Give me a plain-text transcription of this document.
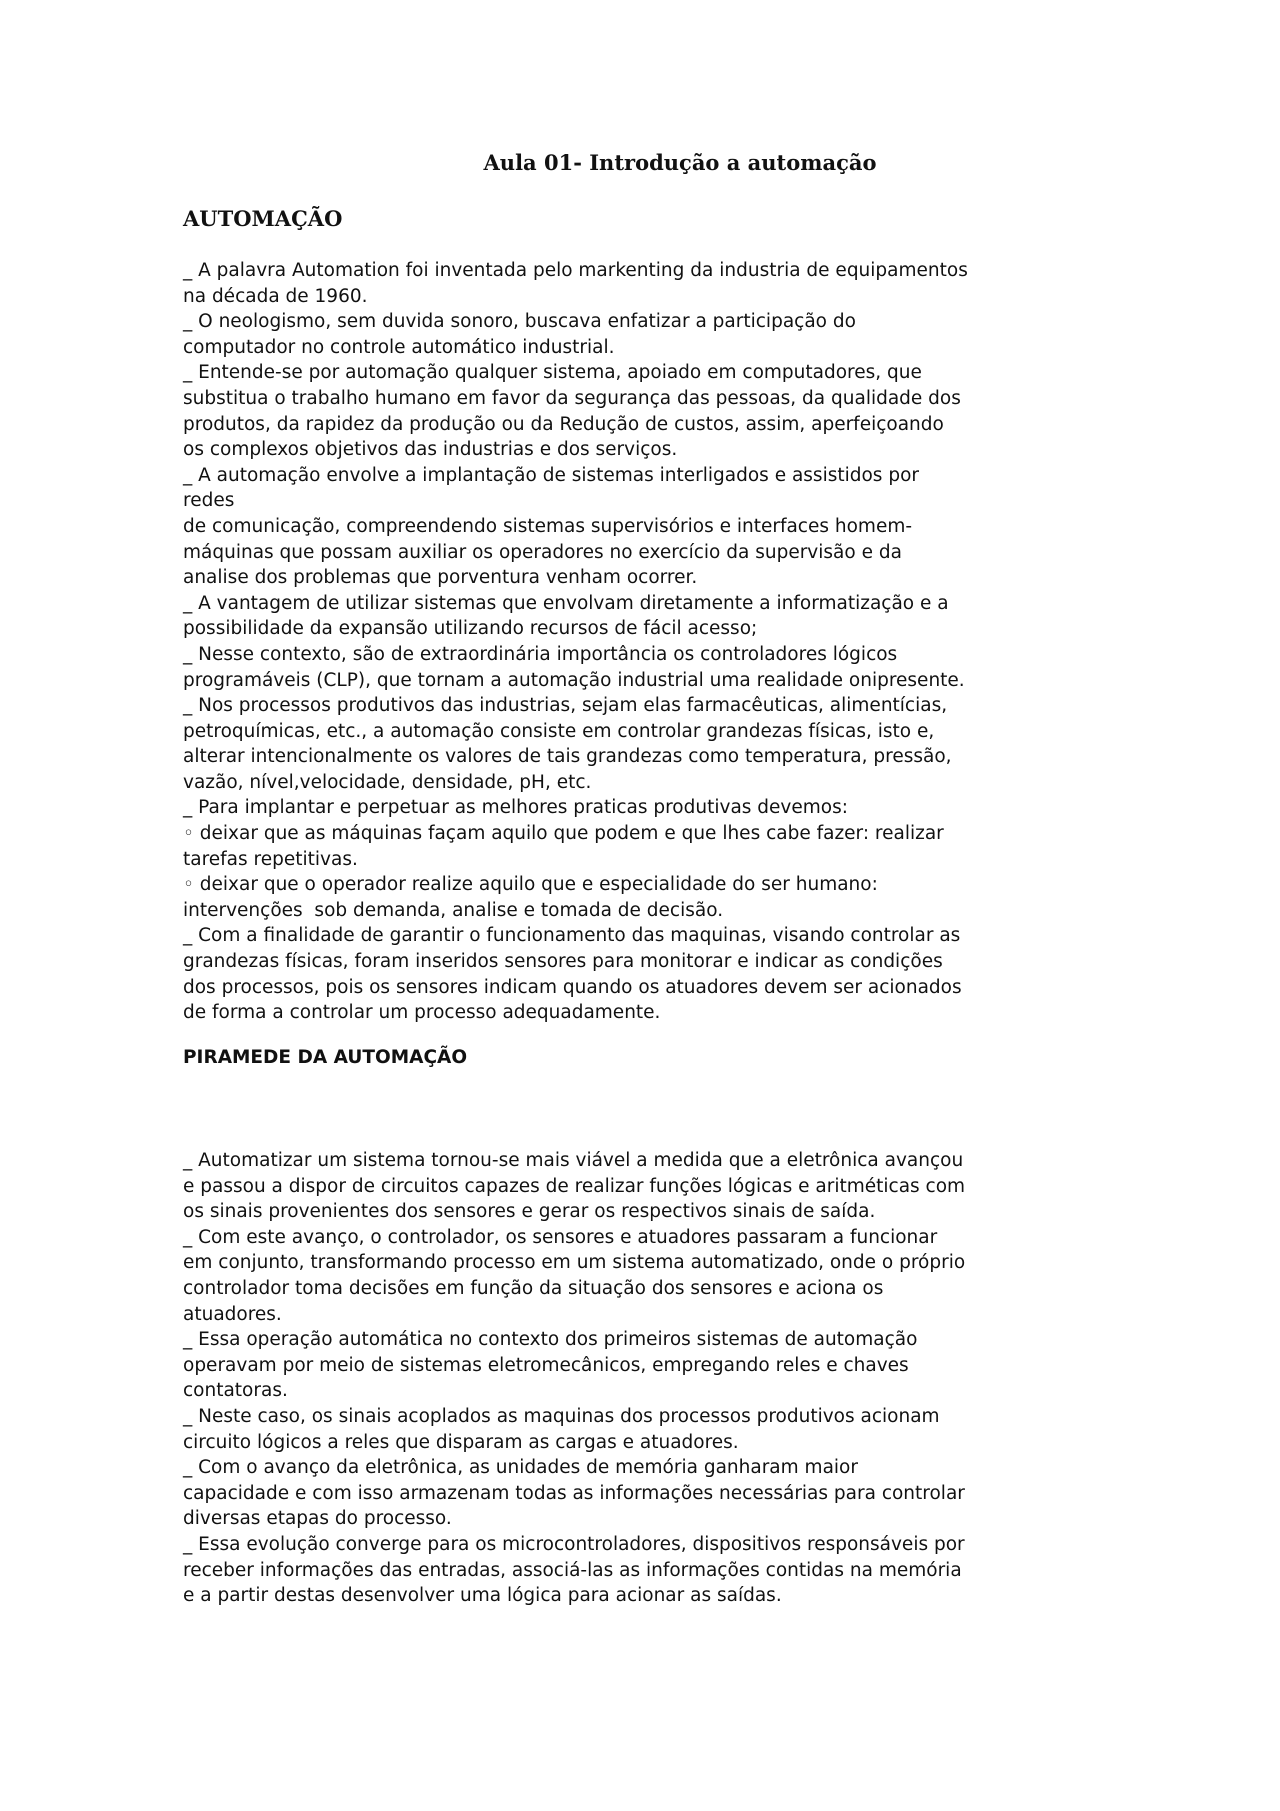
Aula 01- Introdução a automação
AUTOMAÇÃO
_ A palavra Automation foi inventada pelo markenting da industria de equipamentos
na década de 1960.
_ O neologismo, sem duvida sonoro, buscava enfatizar a participação do
computador no controle automático industrial.
_ Entende-se por automação qualquer sistema, apoiado em computadores, que
substitua o trabalho humano em favor da segurança das pessoas, da qualidade dos
produtos, da rapidez da produção ou da Redução de custos, assim, aperfeiçoando
os complexos objetivos das industrias e dos serviços.
_ A automação envolve a implantação de sistemas interligados e assistidos por
redes
de comunicação, compreendendo sistemas supervisórios e interfaces homem-
máquinas que possam auxiliar os operadores no exercício da supervisão e da
analise dos problemas que porventura venham ocorrer.
_ A vantagem de utilizar sistemas que envolvam diretamente a informatização e a
possibilidade da expansão utilizando recursos de fácil acesso;
_ Nesse contexto, são de extraordinária importância os controladores lógicos
programáveis (CLP), que tornam a automação industrial uma realidade onipresente.
_ Nos processos produtivos das industrias, sejam elas farmacêuticas, alimentícias,
petroquímicas, etc., a automação consiste em controlar grandezas físicas, isto e,
alterar intencionalmente os valores de tais grandezas como temperatura, pressão,
vazão, nível,velocidade, densidade, pH, etc.
_ Para implantar e perpetuar as melhores praticas produtivas devemos:
◦ deixar que as máquinas façam aquilo que podem e que lhes cabe fazer: realizar
tarefas repetitivas.
◦ deixar que o operador realize aquilo que e especialidade do ser humano:
intervenções  sob demanda, analise e tomada de decisão.
_ Com a finalidade de garantir o funcionamento das maquinas, visando controlar as
grandezas físicas, foram inseridos sensores para monitorar e indicar as condições
dos processos, pois os sensores indicam quando os atuadores devem ser acionados
de forma a controlar um processo adequadamente.
PIRAMEDE DA AUTOMAÇÃO
_ Automatizar um sistema tornou-se mais viável a medida que a eletrônica avançou
e passou a dispor de circuitos capazes de realizar funções lógicas e aritméticas com
os sinais provenientes dos sensores e gerar os respectivos sinais de saída.
_ Com este avanço, o controlador, os sensores e atuadores passaram a funcionar
em conjunto, transformando processo em um sistema automatizado, onde o próprio
controlador toma decisões em função da situação dos sensores e aciona os
atuadores.
_ Essa operação automática no contexto dos primeiros sistemas de automação
operavam por meio de sistemas eletromecânicos, empregando reles e chaves
contatoras.
_ Neste caso, os sinais acoplados as maquinas dos processos produtivos acionam
circuito lógicos a reles que disparam as cargas e atuadores.
_ Com o avanço da eletrônica, as unidades de memória ganharam maior
capacidade e com isso armazenam todas as informações necessárias para controlar
diversas etapas do processo.
_ Essa evolução converge para os microcontroladores, dispositivos responsáveis por
receber informações das entradas, associá-las as informações contidas na memória
e a partir destas desenvolver uma lógica para acionar as saídas.
